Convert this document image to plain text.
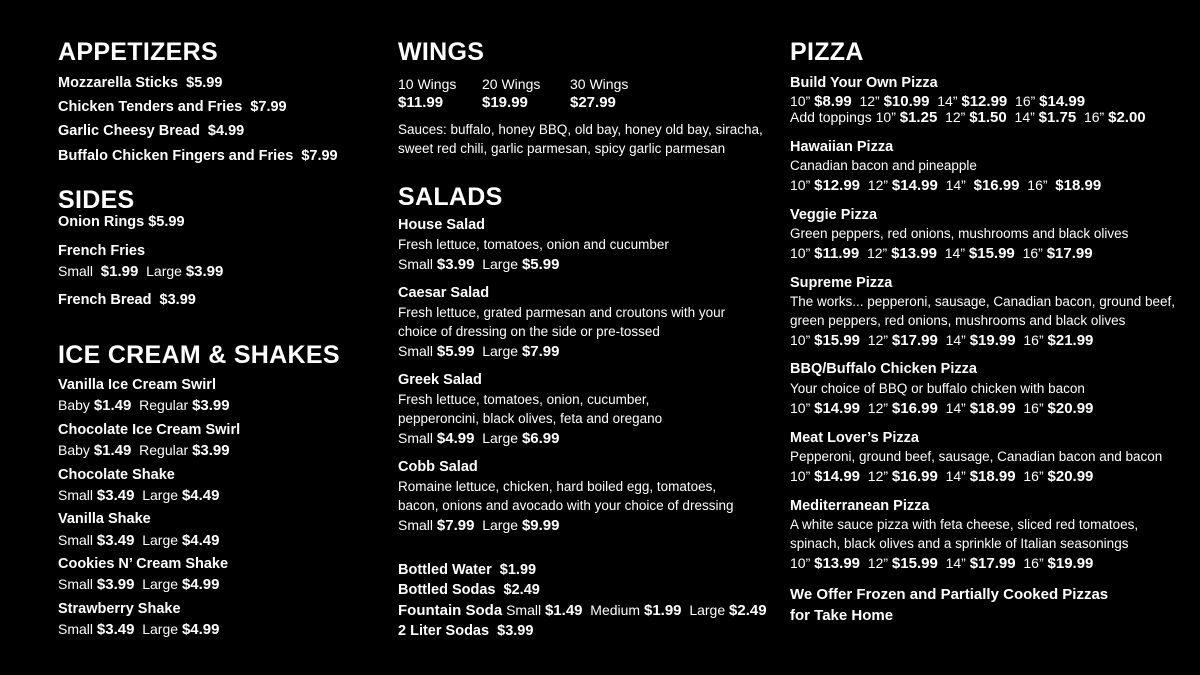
APPETIZERS
Mozzarella Sticks $5.99
Chicken Tenders and Fries $7.99
Garlic Cheesy Bread $4.99
Buffalo Chicken Fingers and Fries $7.99
SIDES
Onion Rings $5.99
French Fries
Small $1.99 Large $3.99
French Bread $3.99
ICE CREAM & SHAKES
Vanilla Ice Cream Swirl
Baby $1.49 Regular $3.99
Chocolate Ice Cream Swirl
Baby $1.49 Regular $3.99
Chocolate Shake
Small $3.49 Large $4.49
Vanilla Shake
Small $3.49 Large $4.49
Cookies N’ Cream Shake
Small $3.99 Large $4.99
Strawberry Shake
Small $3.49 Large $4.99
WINGS
10 Wings
$11.99
20 Wings
$19.99
30 Wings
$27.99
Sauces: buffalo, honey BBQ, old bay, honey old bay, siracha,
sweet red chili, garlic parmesan, spicy garlic parmesan
SALADS
House Salad
Fresh lettuce, tomatoes, onion and cucumber
Small $3.99 Large $5.99
Caesar Salad
Fresh lettuce, grated parmesan and croutons with your
choice of dressing on the side or pre-tossed
Small $5.99 Large $7.99
Greek Salad
Fresh lettuce, tomatoes, onion, cucumber,
pepperoncini, black olives, feta and oregano
Small $4.99 Large $6.99
Cobb Salad
Romaine lettuce, chicken, hard boiled egg, tomatoes,
bacon, onions and avocado with your choice of dressing
Small $7.99 Large $9.99
Bottled Water $1.99
Bottled Sodas $2.49
Fountain Soda Small $1.49 Medium $1.99 Large $2.49
2 Liter Sodas $3.99
PIZZA
Build Your Own Pizza
10” $8.99 12” $10.99 14” $12.99 16” $14.99
Add toppings 10” $1.25 12” $1.50 14” $1.75 16” $2.00
Hawaiian Pizza
Canadian bacon and pineapple
10” $12.99 12” $14.99 14” $16.99 16” $18.99
Veggie Pizza
Green peppers, red onions, mushrooms and black olives
10” $11.99 12” $13.99 14” $15.99 16” $17.99
Supreme Pizza
The works... pepperoni, sausage, Canadian bacon, ground beef,
green peppers, red onions, mushrooms and black olives
10” $15.99 12” $17.99 14” $19.99 16” $21.99
BBQ/Buffalo Chicken Pizza
Your choice of BBQ or buffalo chicken with bacon
10” $14.99 12” $16.99 14” $18.99 16” $20.99
Meat Lover’s Pizza
Pepperoni, ground beef, sausage, Canadian bacon and bacon
10” $14.99 12” $16.99 14” $18.99 16” $20.99
Mediterranean Pizza
A white sauce pizza with feta cheese, sliced red tomatoes,
spinach, black olives and a sprinkle of Italian seasonings
10” $13.99 12” $15.99 14” $17.99 16” $19.99
We Offer Frozen and Partially Cooked Pizzas
for Take Home
